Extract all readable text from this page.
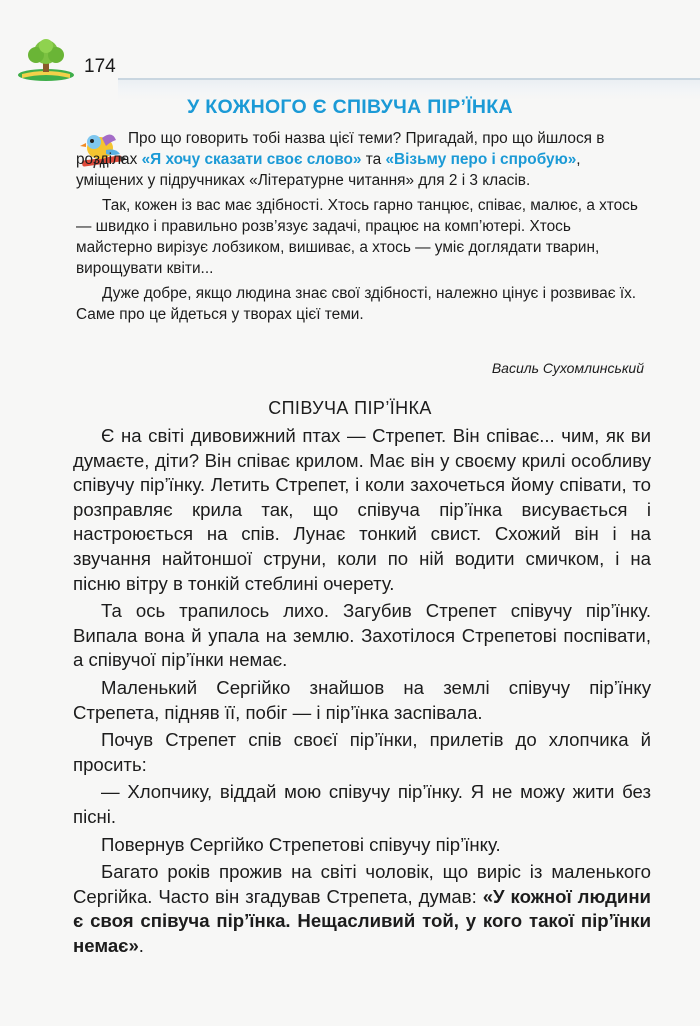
174
У КОЖНОГО Є СПІВУЧА ПІР’ЇНКА

Про що говорить тобі назва цієї теми? Пригадай, про що йшлося в розділах «Я хочу сказати своє слово» та «Візьму перо і спробую», уміщених у підручниках «Літературне читання» для 2 і 3 класів.

Так, кожен із вас має здібності. Хтось гарно танцює, співає, малює, а хтось — швидко і правильно розв’язує задачі, працює на комп’ютері. Хтось майстерно вирізує лобзиком, вишиває, а хтось — уміє доглядати тварин, вирощувати квіти...

Дуже добре, якщо людина знає свої здібності, належно цінує і розвиває їх. Саме про це йдеться у творах цієї теми.

Василь Сухомлинський
СПІВУЧА ПІР’ЇНКА

Є на світі дивовижний птах — Стрепет. Він співає... чим, як ви думаєте, діти? Він співає крилом. Має він у своєму крилі особливу співучу пір’їнку. Летить Стрепет, і коли захочеться йому співати, то розправляє крила так, що співуча пір’їнка висувається і настроюється на спів. Лунає тонкий свист. Схожий він і на звучання найтоншої струни, коли по ній водити смичком, і на пісню вітру в тонкій стеблині очерету.

Та ось трапилось лихо. Загубив Стрепет співучу пір’їнку. Випала вона й упала на землю. Захотілося Стрепетові поспівати, а співучої пір’їнки немає.

Маленький Сергійко знайшов на землі співучу пір’їнку Стрепета, підняв її, побіг — і пір’їнка заспівала.

Почув Стрепет спів своєї пір’їнки, прилетів до хлопчика й просить:

— Хлопчику, віддай мою співучу пір’їнку. Я не можу жити без пісні.

Повернув Сергійко Стрепетові співучу пір’їнку.

Багато років прожив на світі чоловік, що виріс із маленького Сергійка. Часто він згадував Стрепета, думав: «У кожної людини є своя співуча пір’їнка. Нещасливий той, у кого такої пір’їнки немає».
